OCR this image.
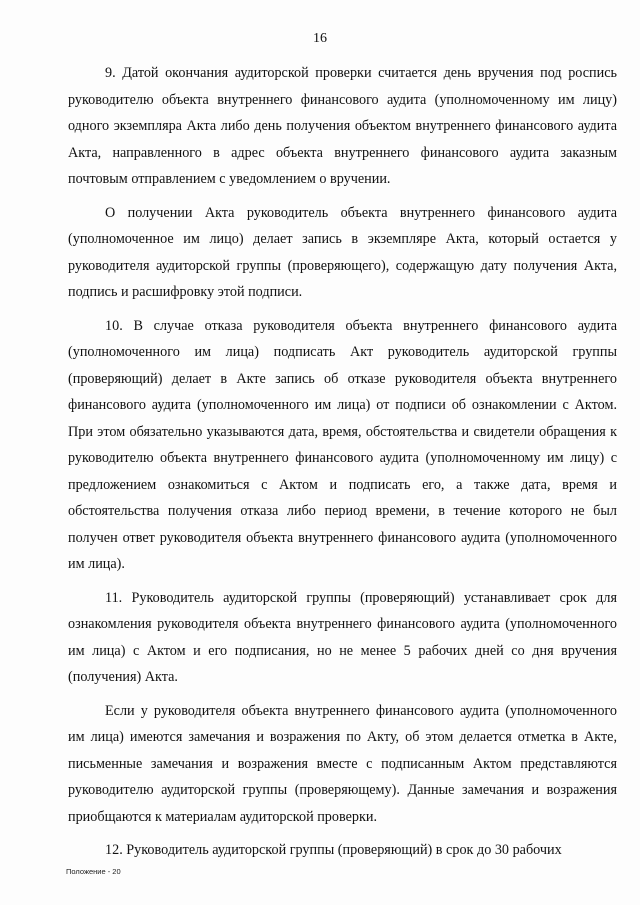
16

9. Датой окончания аудиторской проверки считается день вручения под роспись руководителю объекта внутреннего финансового аудита (уполномоченному им лицу) одного экземпляра Акта либо день получения объектом внутреннего финансового аудита Акта, направленного в адрес объекта внутреннего финансового аудита заказным почтовым отправлением с уведомлением о вручении.

О получении Акта руководитель объекта внутреннего финансового аудита (уполномоченное им лицо) делает запись в экземпляре Акта, который остается у руководителя аудиторской группы (проверяющего), содержащую дату получения Акта, подпись и расшифровку этой подписи.

10. В случае отказа руководителя объекта внутреннего финансового аудита (уполномоченного им лица) подписать Акт руководитель аудиторской группы (проверяющий) делает в Акте запись об отказе руководителя объекта внутреннего финансового аудита (уполномоченного им лица) от подписи об ознакомлении с Актом. При этом обязательно указываются дата, время, обстоятельства и свидетели обращения к руководителю объекта внутреннего финансового аудита (уполномоченному им лицу) с предложением ознакомиться с Актом и подписать его, а также дата, время и обстоятельства получения отказа либо период времени, в течение которого не был получен ответ руководителя объекта внутреннего финансового аудита (уполномоченного им лица).

11. Руководитель аудиторской группы (проверяющий) устанавливает срок для ознакомления руководителя объекта внутреннего финансового аудита (уполномоченного им лица) с Актом и его подписания, но не менее 5 рабочих дней со дня вручения (получения) Акта.

Если у руководителя объекта внутреннего финансового аудита (уполномоченного им лица) имеются замечания и возражения по Акту, об этом делается отметка в Акте, письменные замечания и возражения вместе с подписанным Актом представляются руководителю аудиторской группы (проверяющему). Данные замечания и возражения приобщаются к материалам аудиторской проверки.

12. Руководитель аудиторской группы (проверяющий) в срок до 30 рабочих

Положение - 20
